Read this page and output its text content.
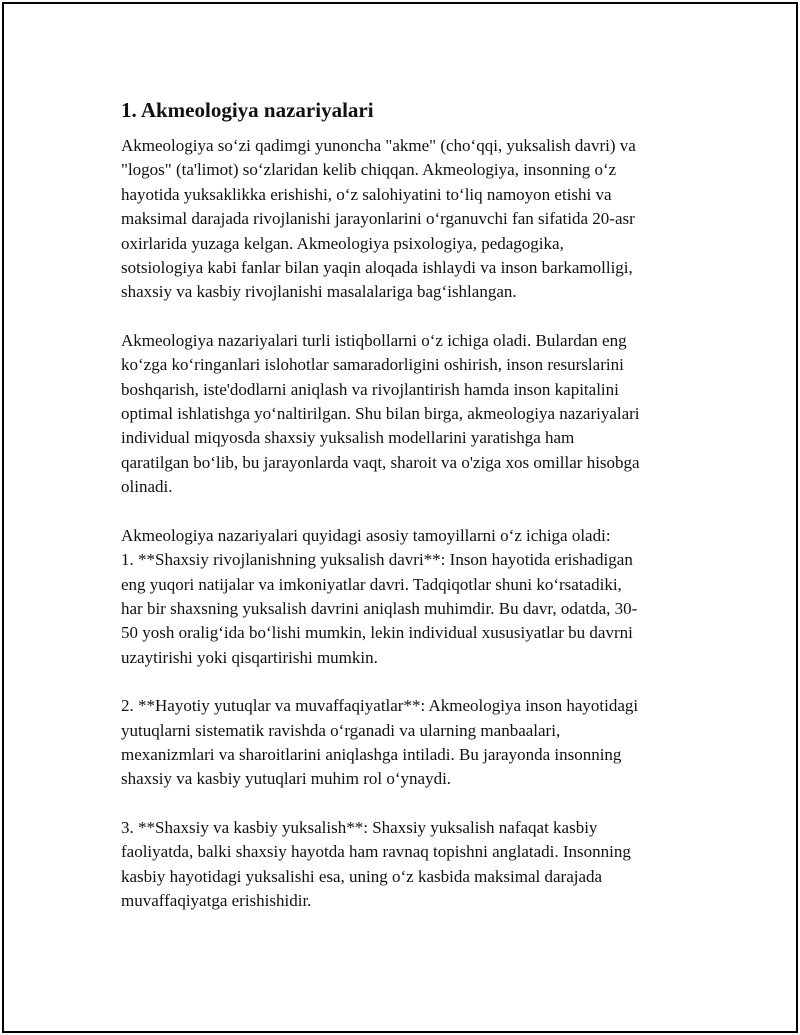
1. Akmeologiya nazariyalari

Akmeologiya so‘zi qadimgi yunoncha "akme" (cho‘qqi, yuksalish davri) va
"logos" (ta'limot) so‘zlaridan kelib chiqqan. Akmeologiya, insonning o‘z
hayotida yuksaklikka erishishi, o‘z salohiyatini to‘liq namoyon etishi va
maksimal darajada rivojlanishi jarayonlarini o‘rganuvchi fan sifatida 20-asr
oxirlarida yuzaga kelgan. Akmeologiya psixologiya, pedagogika,
sotsiologiya kabi fanlar bilan yaqin aloqada ishlaydi va inson barkamolligi,
shaxsiy va kasbiy rivojlanishi masalalariga bag‘ishlangan.

Akmeologiya nazariyalari turli istiqbollarni o‘z ichiga oladi. Bulardan eng
ko‘zga ko‘ringanlari islohotlar samaradorligini oshirish, inson resurslarini
boshqarish, iste'dodlarni aniqlash va rivojlantirish hamda inson kapitalini
optimal ishlatishga yo‘naltirilgan. Shu bilan birga, akmeologiya nazariyalari
individual miqyosda shaxsiy yuksalish modellarini yaratishga ham
qaratilgan bo‘lib, bu jarayonlarda vaqt, sharoit va o'ziga xos omillar hisobga
olinadi.

Akmeologiya nazariyalari quyidagi asosiy tamoyillarni o‘z ichiga oladi:
1. **Shaxsiy rivojlanishning yuksalish davri**: Inson hayotida erishadigan
eng yuqori natijalar va imkoniyatlar davri. Tadqiqotlar shuni ko‘rsatadiki,
har bir shaxsning yuksalish davrini aniqlash muhimdir. Bu davr, odatda, 30-
50 yosh oralig‘ida bo‘lishi mumkin, lekin individual xususiyatlar bu davrni
uzaytirishi yoki qisqartirishi mumkin.

2. **Hayotiy yutuqlar va muvaffaqiyatlar**: Akmeologiya inson hayotidagi
yutuqlarni sistematik ravishda o‘rganadi va ularning manbaalari,
mexanizmlari va sharoitlarini aniqlashga intiladi. Bu jarayonda insonning
shaxsiy va kasbiy yutuqlari muhim rol o‘ynaydi.

3. **Shaxsiy va kasbiy yuksalish**: Shaxsiy yuksalish nafaqat kasbiy
faoliyatda, balki shaxsiy hayotda ham ravnaq topishni anglatadi. Insonning
kasbiy hayotidagi yuksalishi esa, uning o‘z kasbida maksimal darajada
muvaffaqiyatga erishishidir.
